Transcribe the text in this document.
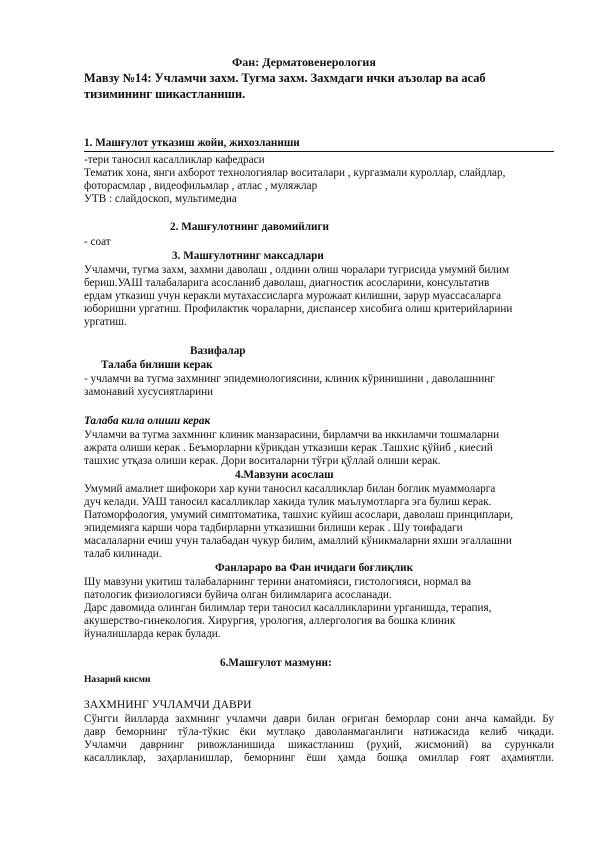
Фан: Дерматовенерология
Мавзу №14: Учламчи захм. Туғма захм. Захмдаги ички аъзолар ва асаб
тизимининг шикастланиши.
1. Машғулот утказиш жойи, жихозланиши
-тери таносил касалликлар кафедраси
Тематик хона, янги ахборот технологиялар воситалари , кургазмали куроллар, слайдлар,
фоторасмлар , видеофильмлар , атлас , муляжлар
УТВ : слайдоскоп, мультимедиа
2. Машғулотнинг давомийлиги
- соат
3. Машғулотнинг максадлари
Учламчи, тугма захм, захмни даволаш , олдини олиш чоралари тугрисида умумий билим
бериш.УАШ талабаларига асосланиб даволаш, диагностик асосларини, консультатив
ердам утказиш учун керакли мутахассисларга мурожаат килишни, зарур муассасаларга
юборишни ургатиш. Профилактик чораларни, диспансер хисобига олиш критерийларини
ургатиш.
Вазифалар
Талаба билиши керак
- учламчи ва тугма захмнинг эпидемиологиясини, клиник кўринишини , даволашнинг
замонавий хусусиятларини
Талаба кила олиши керак
Учламчи ва тугма захмнинг клиник манзарасини, бирламчи ва иккиламчи тошмаларни
ажрата олиши керак . Беъморларни кўрикдан утказиши керак .Ташхис қўйиб , киесий
ташхис утқаза олиши керак. Дори воситаларни тўғри қўллай олиши керак.
4.Мавзуни асослаш
Умумий амалиет шифокори хар куни таносил касалликлар билан боглик муаммоларга
дуч келади. УАШ таносил касалликлар хакида тулик маълумотларга эга булиш керак.
Патоморфология, умумий симптоматика, ташхис куйиш асослари, даволаш принциплари,
эпидемияга карши чора тадбирларни утказишни билиши керак . Шу тоифадаги
масалаларни ечиш учун талабадан чукур билим, амаллий кўникмаларни яхши эгаллашни
талаб килинади.
Фанлараро ва Фан ичидаги боғлиқлик
Шу мавзуни укитиш талабаларнинг терини анатомияси, гистологияси, нормал ва
патологик физиологияси буйича олган билимларига асосланади.
Дарс давомида олинган билимлар тери таносил касалликларини урганишда, терапия,
акушерство-гинекология. Хирургия, урология, аллергология ва бошка клиник
йуналишларда керак булади.
6.Машғулот мазмуни:
Назарий кисми
ЗАХМНИНГ УЧЛАМЧИ ДАВРИ
Сўнгги йилларда захмнинг учламчи даври билан оғриган беморлар сони анча камайди. Бу
давр беморнинг тўла-тўкис ёки мутлақо даволанмаганлиги натижасида келиб чиқади.
Учламчи даврнинг ривожланишида шикастланиш (руҳий, жисмоний) ва сурункали
касалликлар, заҳарланишлар, беморнинг ёши ҳамда бошқа омиллар ғоят аҳамиятли.
